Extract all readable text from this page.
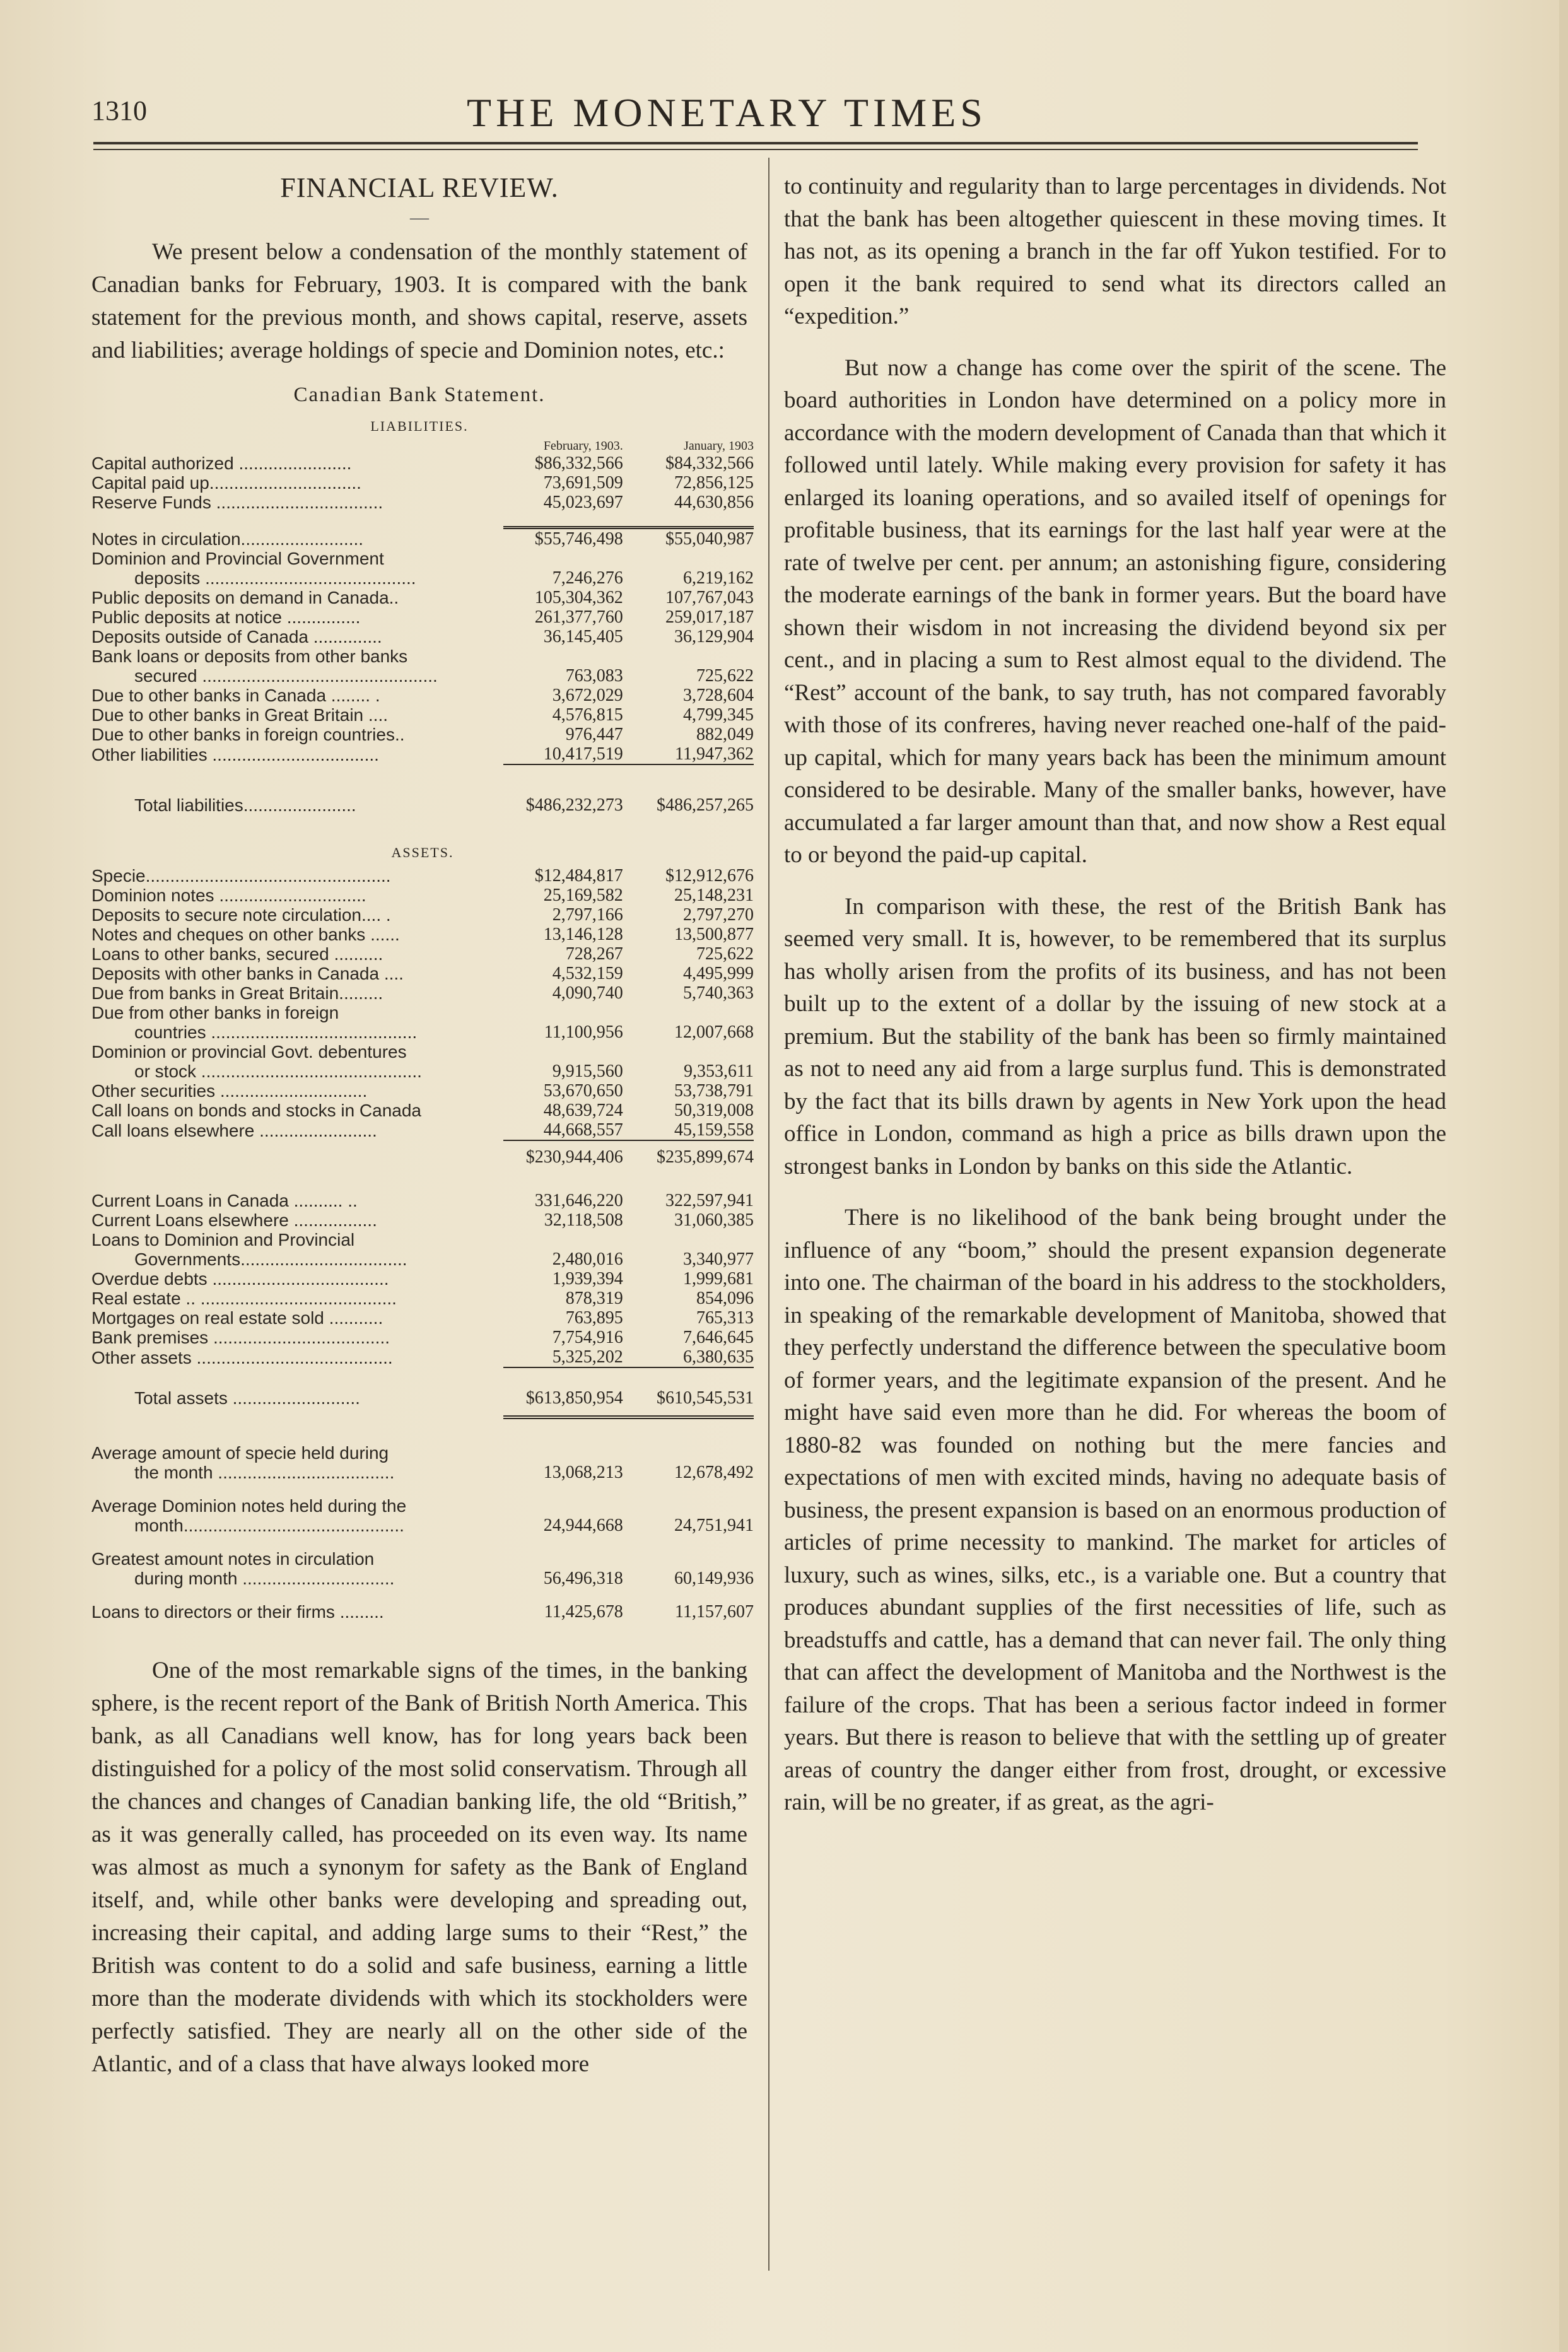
1310	THE MONETARY TIMES
FINANCIAL REVIEW.
—

We present below a condensation of the monthly statement of Canadian banks for February, 1903. It is compared with the bank statement for the previous month, and shows capital, reserve, assets and liabilities; average holdings of specie and Dominion notes, etc.:

Canadian Bank Statement.
LIABILITIES.
	February, 1903.	January, 1903
Capital authorized .......................	$86,332,566	$84,332,566
Capital paid up...............................	73,691,509	72,856,125
Reserve Funds ..................................	45,023,697	44,630,856

Notes in circulation.........................	$55,746,498	$55,040,987
Dominion and Provincial Government		
deposits ...........................................	7,246,276	6,219,162
Public deposits on demand in Canada..	105,304,362	107,767,043
Public deposits at notice ...............	261,377,760	259,017,187
Deposits outside of Canada ..............	36,145,405	36,129,904
Bank loans or deposits from other banks		
secured ................................................	763,083	725,622
Due to other banks in Canada ........ .	3,672,029	3,728,604
Due to other banks in Great Britain ....	4,576,815	4,799,345
Due to other banks in foreign countries..	976,447	882,049
Other liabilities ..................................	10,417,519	11,947,362

Total liabilities.......................	$486,232,273	$486,257,265

ASSETS.		
Specie..................................................	$12,484,817	$12,912,676
Dominion notes ..............................	25,169,582	25,148,231
Deposits to secure note circulation.... .	2,797,166	2,797,270
Notes and cheques on other banks ......	13,146,128	13,500,877
Loans to other banks, secured ..........	728,267	725,622
Deposits with other banks in Canada ....	4,532,159	4,495,999
Due from banks in Great Britain.........	4,090,740	5,740,363
Due from other banks in foreign		
countries ..........................................	11,100,956	12,007,668
Dominion or provincial Govt. debentures		
or stock .............................................	9,915,560	9,353,611
Other securities ..............................	53,670,650	53,738,791
Call loans on bonds and stocks in Canada	48,639,724	50,319,008
Call loans elsewhere ........................	44,668,557	45,159,558

	$230,944,406	$235,899,674

Current Loans in Canada .......... ..	331,646,220	322,597,941
Current Loans elsewhere .................	32,118,508	31,060,385
Loans to Dominion and Provincial		
Governments..................................	2,480,016	3,340,977
Overdue debts ....................................	1,939,394	1,999,681
Real estate .. ........................................	878,319	854,096
Mortgages on real estate sold ...........	763,895	765,313
Bank premises ....................................	7,754,916	7,646,645
Other assets ........................................	5,325,202	6,380,635

Total assets ..........................	$613,850,954	$610,545,531

Average amount of specie held during
the month ....................................	13,068,213	12,678,492

Average Dominion notes held during the
month.............................................	24,944,668	24,751,941

Greatest amount notes in circulation
during month ...............................	56,496,318	60,149,936

Loans to directors or their firms .........	11,425,678	11,157,607

One of the most remarkable signs of the times, in the banking sphere, is the recent report of the Bank of British North America. This bank, as all Canadians well know, has for long years back been distinguished for a policy of the most solid conservatism. Through all the chances and changes of Canadian banking life, the old “British,” as it was generally called, has proceeded on its even way. Its name was almost as much a synonym for safety as the Bank of England itself, and, while other banks were developing and spreading out, increasing their capital, and adding large sums to their “Rest,” the British was content to do a solid and safe business, earning a little more than the moderate dividends with which its stockholders were perfectly satisfied. They are nearly all on the other side of the Atlantic, and of a class that have always looked more

to continuity and regularity than to large percentages in dividends. Not that the bank has been altogether quiescent in these moving times. It has not, as its opening a branch in the far off Yukon testified. For to open it the bank required to send what its directors called an “expedition.”

But now a change has come over the spirit of the scene. The board authorities in London have determined on a policy more in accordance with the modern development of Canada than that which it followed until lately. While making every provision for safety it has enlarged its loaning operations, and so availed itself of openings for profitable business, that its earnings for the last half year were at the rate of twelve per cent. per annum; an astonishing figure, considering the moderate earnings of the bank in former years. But the board have shown their wisdom in not increasing the dividend beyond six per cent., and in placing a sum to Rest almost equal to the dividend. The “Rest” account of the bank, to say truth, has not compared favorably with those of its confreres, having never reached one-half of the paid-up capital, which for many years back has been the minimum amount considered to be desirable. Many of the smaller banks, however, have accumulated a far larger amount than that, and now show a Rest equal to or beyond the paid-up capital.

In comparison with these, the rest of the British Bank has seemed very small. It is, however, to be remembered that its surplus has wholly arisen from the profits of its business, and has not been built up to the extent of a dollar by the issuing of new stock at a premium. But the stability of the bank has been so firmly maintained as not to need any aid from a large surplus fund. This is demonstrated by the fact that its bills drawn by agents in New York upon the head office in London, command as high a price as bills drawn upon the strongest banks in London by banks on this side the Atlantic.

There is no likelihood of the bank being brought under the influence of any “boom,” should the present expansion degenerate into one. The chairman of the board in his address to the stockholders, in speaking of the remarkable development of Manitoba, showed that they perfectly understand the difference between the speculative boom of former years, and the legitimate expansion of the present. And he might have said even more than he did. For whereas the boom of 1880-82 was founded on nothing but the mere fancies and expectations of men with excited minds, having no adequate basis of business, the present expansion is based on an enormous production of articles of prime necessity to mankind. The market for articles of luxury, such as wines, silks, etc., is a variable one. But a country that produces abundant supplies of the first necessities of life, such as breadstuffs and cattle, has a demand that can never fail. The only thing that can affect the development of Manitoba and the Northwest is the failure of the crops. That has been a serious factor indeed in former years. But there is reason to believe that with the settling up of greater areas of country the danger either from frost, drought, or excessive rain, will be no greater, if as great, as the agri-
